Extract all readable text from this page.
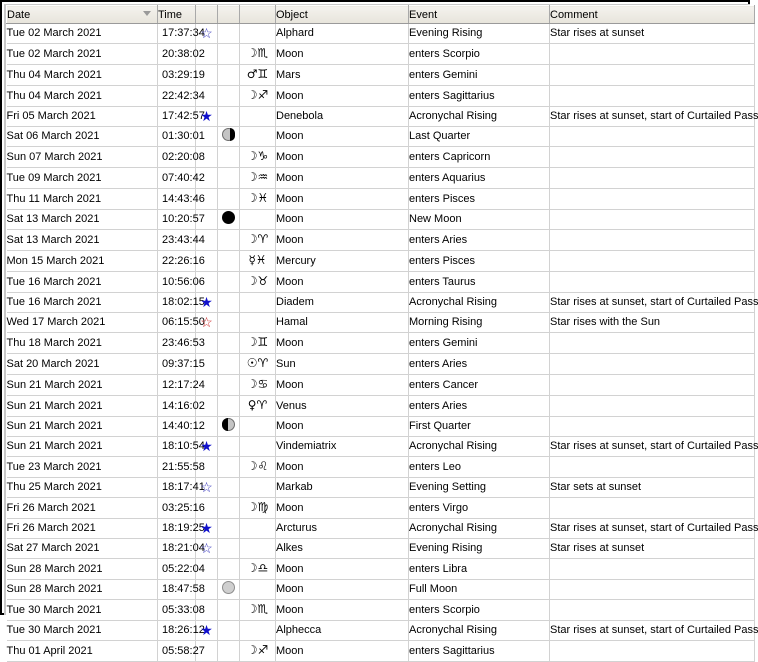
Date	Time				Object	Event	Comment
Tue 02 March 2021	17:37:34	☆			Alphard	Evening Rising	Star rises at sunset
Tue 02 March 2021	20:38:02			☽♏	Moon	enters Scorpio	
Thu 04 March 2021	03:29:19			♂♊	Mars	enters Gemini	
Thu 04 March 2021	22:42:34			☽♐	Moon	enters Sagittarius	
Fri 05 March 2021	17:42:57	★			Denebola	Acronychal Rising	Star rises at sunset, start of Curtailed Pass
Sat 06 March 2021	01:30:01				Moon	Last Quarter	
Sun 07 March 2021	02:20:08			☽♑	Moon	enters Capricorn	
Tue 09 March 2021	07:40:42			☽♒	Moon	enters Aquarius	
Thu 11 March 2021	14:43:46			☽♓	Moon	enters Pisces	
Sat 13 March 2021	10:20:57				Moon	New Moon	
Sat 13 March 2021	23:43:44			☽♈	Moon	enters Aries	
Mon 15 March 2021	22:26:16			☿♓	Mercury	enters Pisces	
Tue 16 March 2021	10:56:06			☽♉	Moon	enters Taurus	
Tue 16 March 2021	18:02:15	★			Diadem	Acronychal Rising	Star rises at sunset, start of Curtailed Pass
Wed 17 March 2021	06:15:50	☆			Hamal	Morning Rising	Star rises with the Sun
Thu 18 March 2021	23:46:53			☽♊	Moon	enters Gemini	
Sat 20 March 2021	09:37:15			☉♈	Sun	enters Aries	
Sun 21 March 2021	12:17:24			☽♋	Moon	enters Cancer	
Sun 21 March 2021	14:16:02			♀♈	Venus	enters Aries	
Sun 21 March 2021	14:40:12				Moon	First Quarter	
Sun 21 March 2021	18:10:54	★			Vindemiatrix	Acronychal Rising	Star rises at sunset, start of Curtailed Pass
Tue 23 March 2021	21:55:58			☽♌	Moon	enters Leo	
Thu 25 March 2021	18:17:41	☆			Markab	Evening Setting	Star sets at sunset
Fri 26 March 2021	03:25:16			☽♍	Moon	enters Virgo	
Fri 26 March 2021	18:19:25	★			Arcturus	Acronychal Rising	Star rises at sunset, start of Curtailed Pass
Sat 27 March 2021	18:21:04	☆			Alkes	Evening Rising	Star rises at sunset
Sun 28 March 2021	05:22:04			☽♎	Moon	enters Libra	
Sun 28 March 2021	18:47:58				Moon	Full Moon	
Tue 30 March 2021	05:33:08			☽♏	Moon	enters Scorpio	
Tue 30 March 2021	18:26:12	★			Alphecca	Acronychal Rising	Star rises at sunset, start of Curtailed Pass
Thu 01 April 2021	05:58:27			☽♐	Moon	enters Sagittarius	
